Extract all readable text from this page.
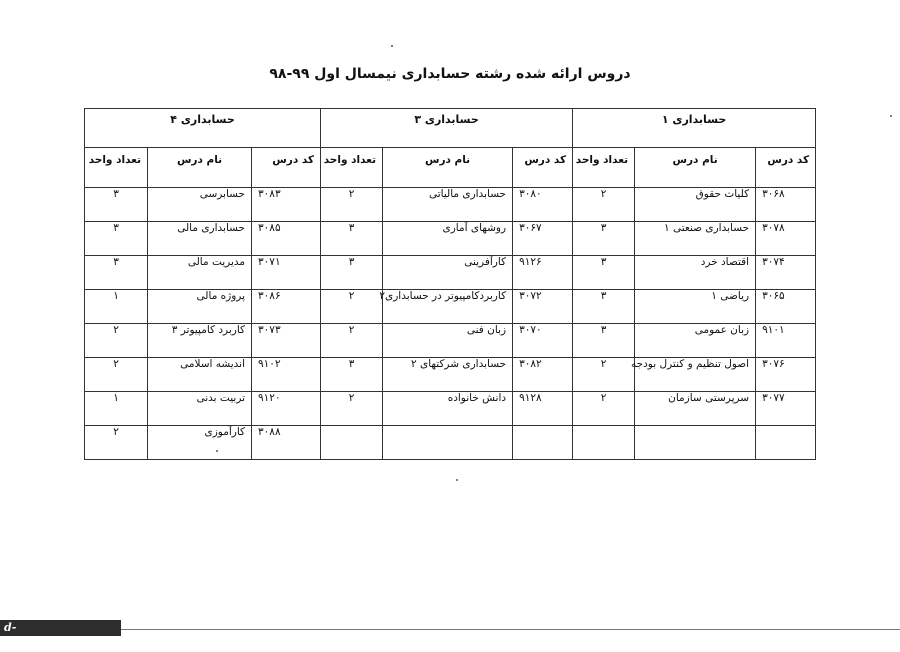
دروس ارائه شده رشته حسابداری نیمسال اول ۹۹-۹۸
حسابداری ۱			حسابداری ۳			حسابداری ۴		
کد درس	نام درس	تعداد واحد	کد درس	نام درس	تعداد واحد	کد درس	نام درس	تعداد واحد
۳۰۶۸	کلیات حقوق	۲	۳۰۸۰	حسابداری مالیاتی	۲	۳۰۸۳	حسابرسی	۳
۳۰۷۸	حسابداری صنعتی ۱	۳	۳۰۶۷	روشهای آماری	۳	۳۰۸۵	حسابداری مالی	۳
۳۰۷۴	اقتصاد خرد	۳	۹۱۲۶	کارآفرینی	۳	۳۰۷۱	مدیریت مالی	۳
۳۰۶۵	ریاضی ۱	۳	۳۰۷۲	کاربردکامپیوتر در حسابداری۲	۲	۳۰۸۶	پروژه مالی	۱
۹۱۰۱	زبان عمومی	۳	۳۰۷۰	زبان فنی	۲	۳۰۷۳	کاربرد کامپیوتر ۳	۲
۳۰۷۶	اصول تنظیم و کنترل بودجه	۲	۳۰۸۲	حسابداری شرکتهای ۲	۳	۹۱۰۲	اندیشه اسلامی	۲
۳۰۷۷	سرپرستی سازمان	۲	۹۱۲۸	دانش خانواده	۲	۹۱۲۰	تربیت بدنی	۱
						۳۰۸۸	کارآموزی	۲
d-kazeroon.tvu.ac.ir
